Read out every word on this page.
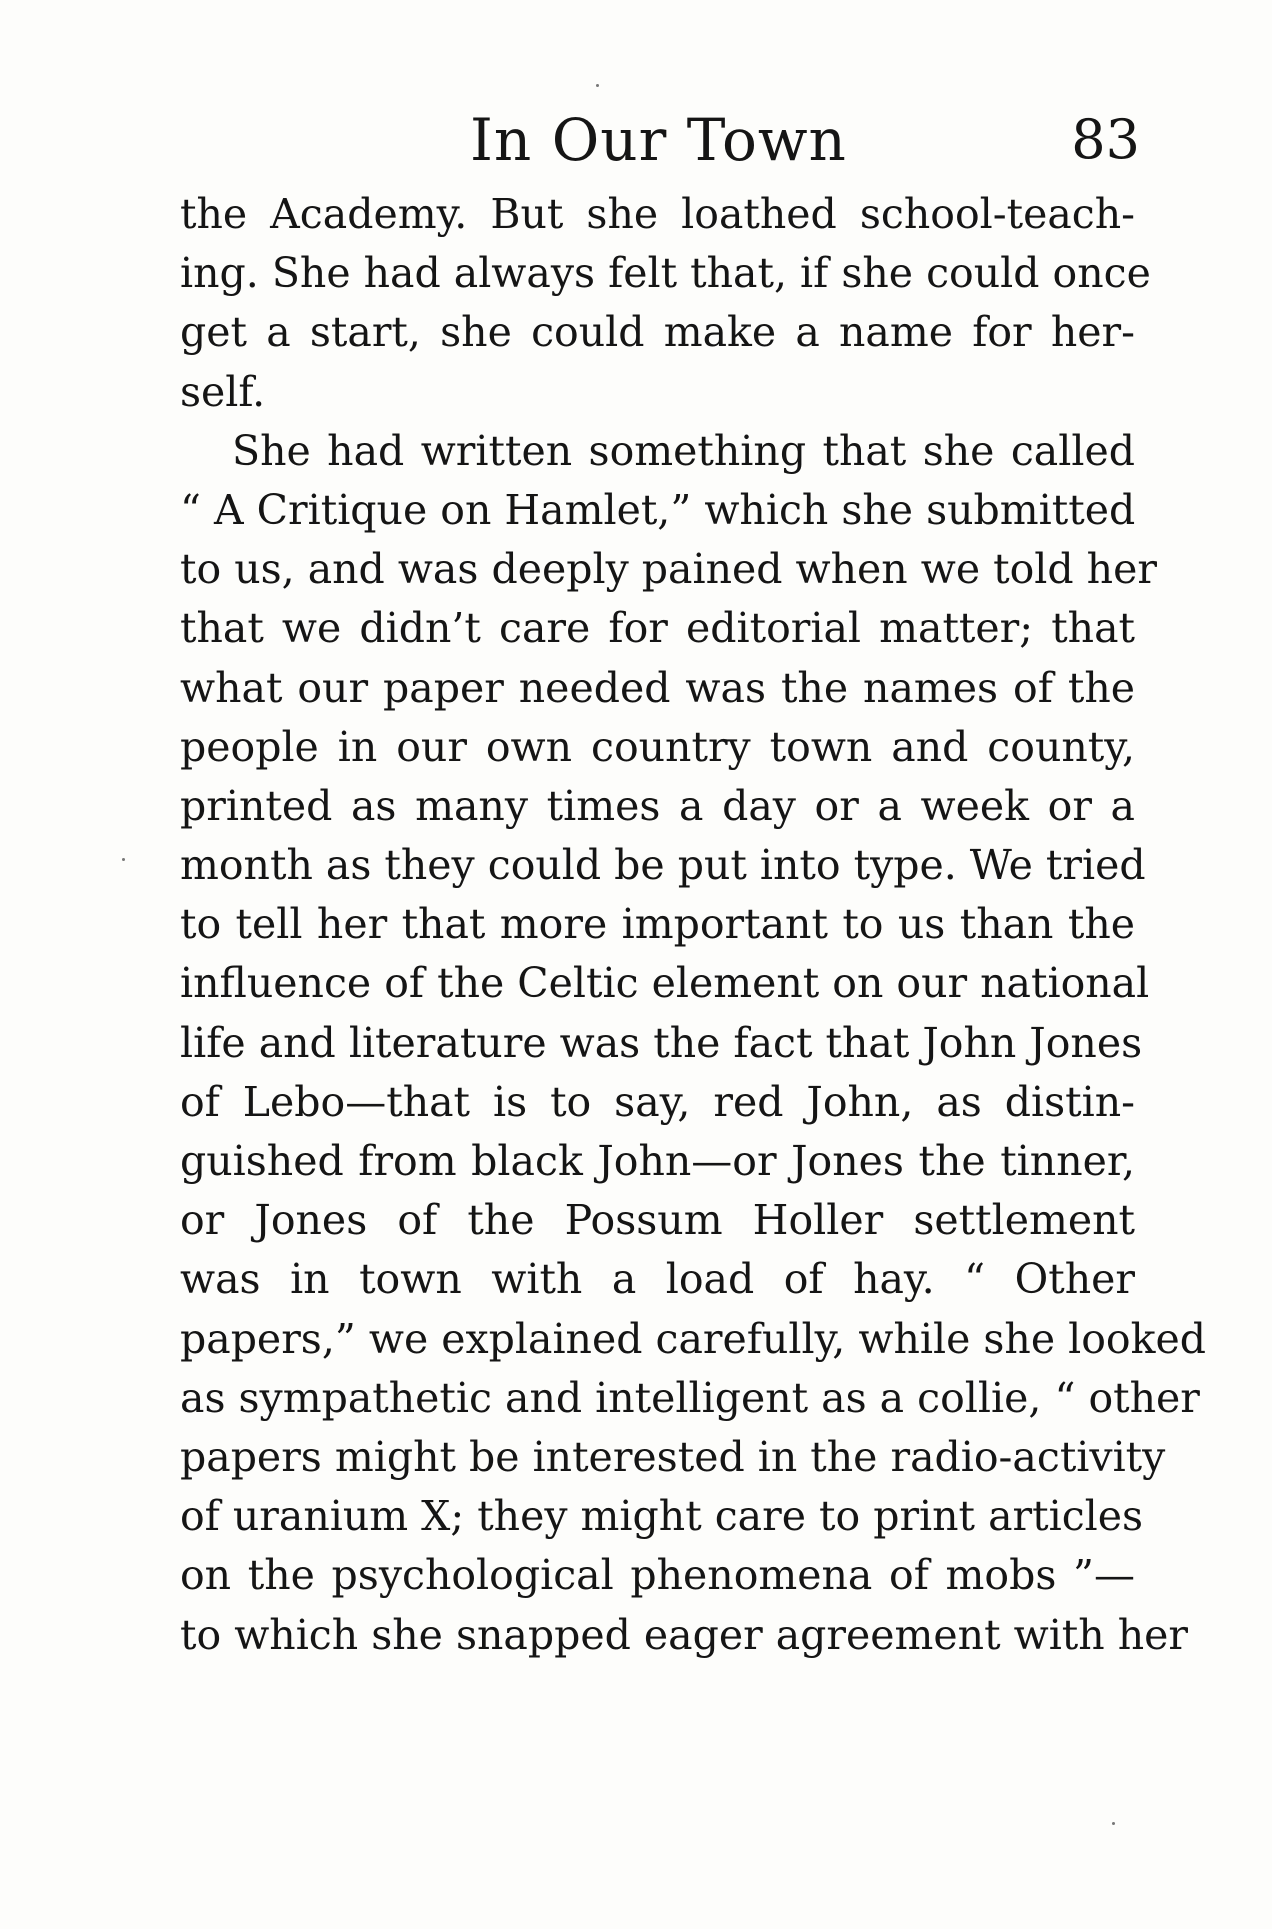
In Our Town	83
the Academy. But she loathed school-teach-
ing. She had always felt that, if she could once
get a start, she could make a name for her-
self.
She had written something that she called
“ A Critique on Hamlet,” which she submitted
to us, and was deeply pained when we told her
that we didn’t care for editorial matter; that
what our paper needed was the names of the
people in our own country town and county,
printed as many times a day or a week or a
month as they could be put into type. We tried
to tell her that more important to us than the
influence of the Celtic element on our national
life and literature was the fact that John Jones
of Lebo—that is to say, red John, as distin-
guished from black John—or Jones the tinner,
or Jones of the Possum Holler settlement
was in town with a load of hay. “ Other
papers,” we explained carefully, while she looked
as sympathetic and intelligent as a collie, “ other
papers might be interested in the radio-activity
of uranium X; they might care to print articles
on the psychological phenomena of mobs ”—
to which she snapped eager agreement with her
